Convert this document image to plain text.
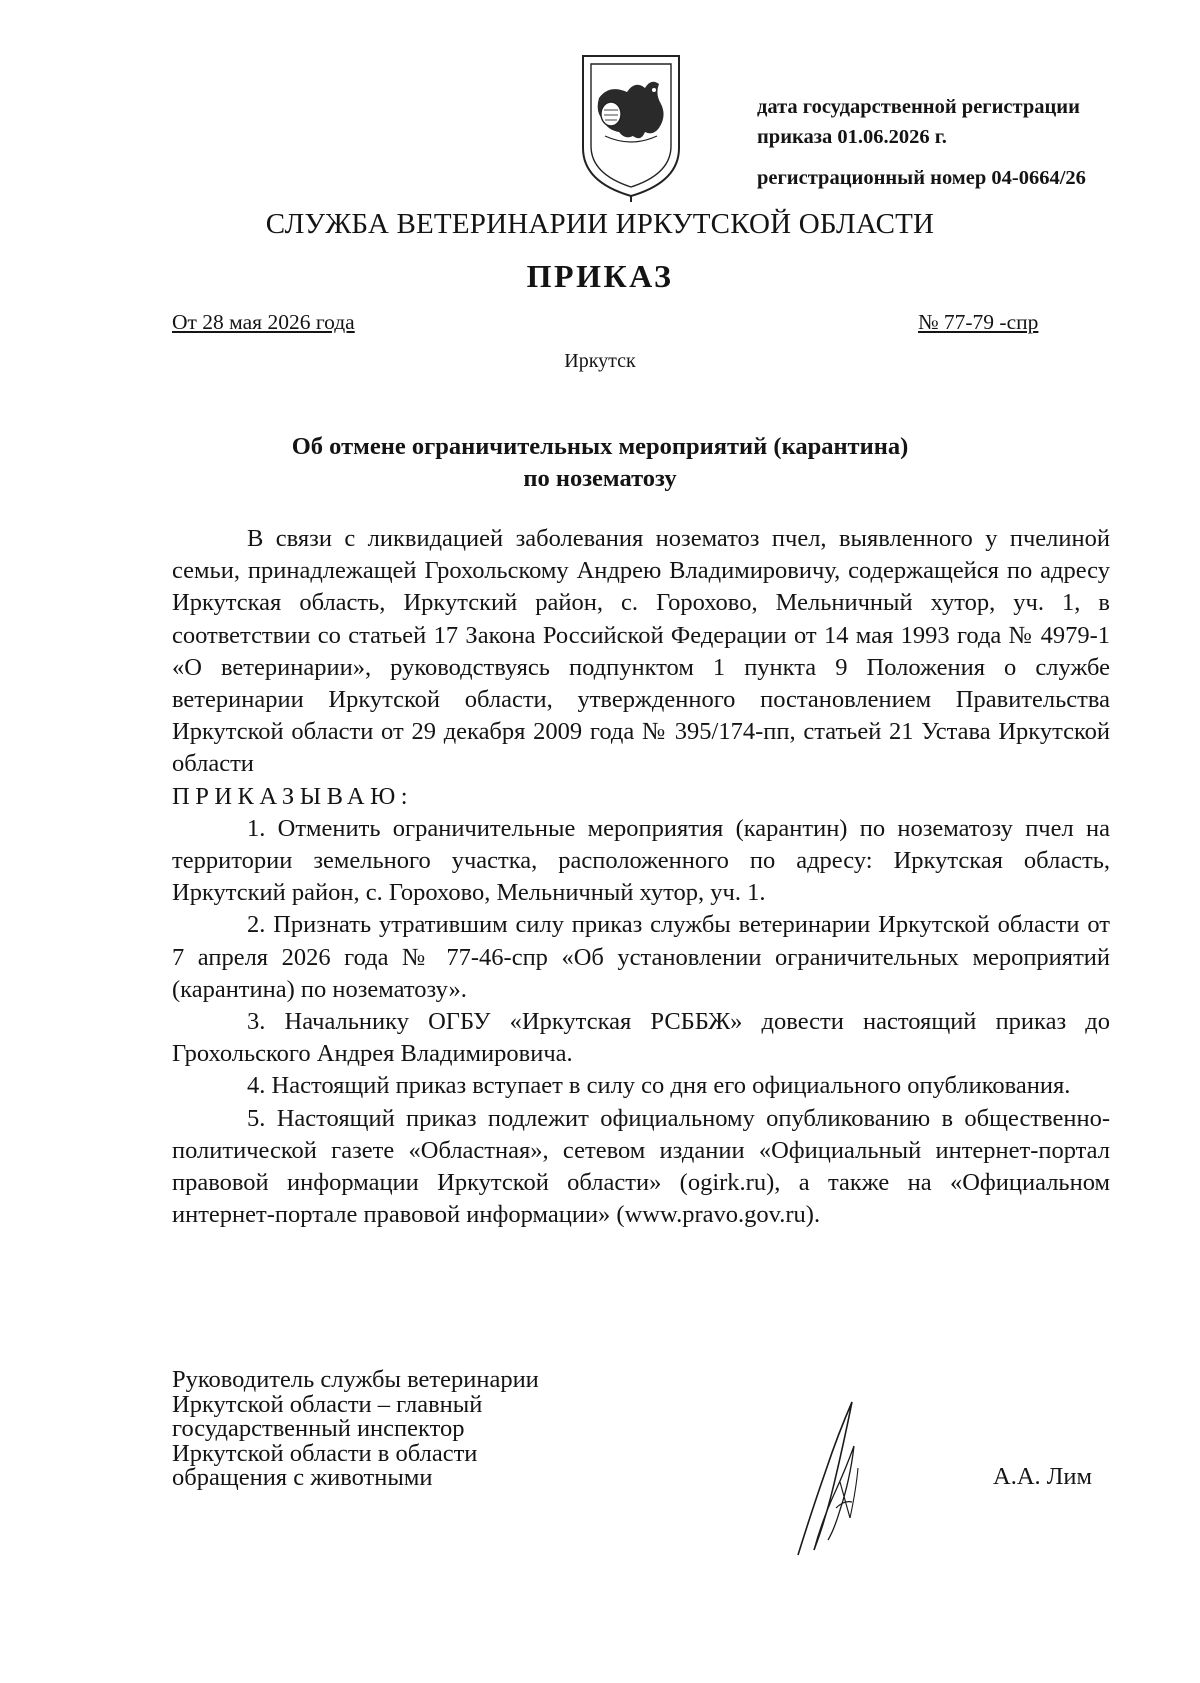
дата государственной регистрации
приказа 01.06.2026 г.
регистрационный номер 04-0664/26
СЛУЖБА ВЕТЕРИНАРИИ ИРКУТСКОЙ ОБЛАСТИ
ПРИКАЗ
От 28 мая 2026 года	№ 77-79 -спр
Иркутск
Об отмене ограничительных мероприятий (карантина)
по нозематозу

В связи с ликвидацией заболевания нозематоз пчел, выявленного у пчелиной семьи, принадлежащей Грохольскому Андрею Владимировичу, содержащейся по адресу Иркутская область, Иркутский район, с. Горохово, Мельничный хутор, уч. 1, в соответствии со статьей 17 Закона Российской Федерации от 14 мая 1993 года № 4979-1 «О ветеринарии», руководствуясь подпунктом 1 пункта 9 Положения о службе ветеринарии Иркутской области, утвержденного постановлением Правительства Иркутской области от 29 декабря 2009 года № 395/174-пп, статьей 21 Устава Иркутской области

ПРИКАЗЫВАЮ:

1. Отменить ограничительные мероприятия (карантин) по нозематозу пчел на территории земельного участка, расположенного по адресу: Иркутская область, Иркутский район, с. Горохово, Мельничный хутор, уч. 1.

2. Признать утратившим силу приказ службы ветеринарии Иркутской области от 7 апреля 2026 года № 77-46-спр «Об установлении ограничительных мероприятий (карантина) по нозематозу».

3. Начальнику ОГБУ «Иркутская РСББЖ» довести настоящий приказ до Грохольского Андрея Владимировича.

4. Настоящий приказ вступает в силу со дня его официального опубликования.

5. Настоящий приказ подлежит официальному опубликованию в общественно-политической газете «Областная», сетевом издании «Официальный интернет-портал правовой информации Иркутской области» (ogirk.ru), а также на «Официальном интернет-портале правовой информации» (www.pravo.gov.ru).

Руководитель службы ветеринарии
Иркутской области – главный
государственный инспектор
Иркутской области в области
обращения с животными	А.А. Лим
